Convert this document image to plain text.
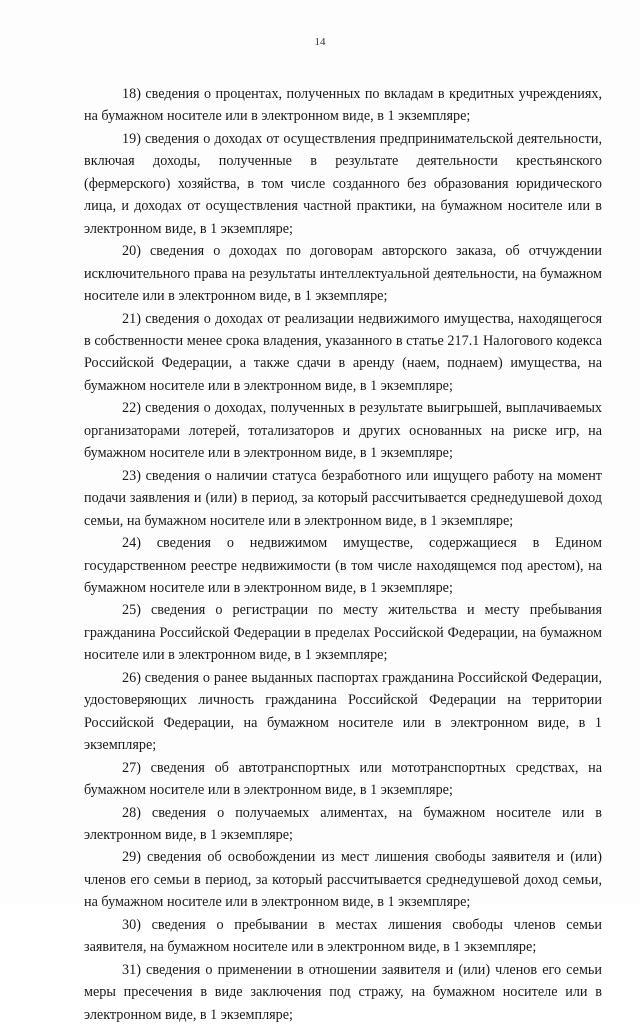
14

18) сведения о процентах, полученных по вкладам в кредитных учреждениях, на бумажном носителе или в электронном виде, в 1 экземпляре;

19) сведения о доходах от осуществления предпринимательской деятельности, включая доходы, полученные в результате деятельности крестьянского (фермерского) хозяйства, в том числе созданного без образования юридического лица, и доходах от осуществления частной практики, на бумажном носителе или в электронном виде, в 1 экземпляре;

20) сведения о доходах по договорам авторского заказа, об отчуждении исключительного права на результаты интеллектуальной деятельности, на бумажном носителе или в электронном виде, в 1 экземпляре;

21) сведения о доходах от реализации недвижимого имущества, находящегося в собственности менее срока владения, указанного в статье 217.1 Налогового кодекса Российской Федерации, а также сдачи в аренду (наем, поднаем) имущества, на бумажном носителе или в электронном виде, в 1 экземпляре;

22) сведения о доходах, полученных в результате выигрышей, выплачиваемых организаторами лотерей, тотализаторов и других основанных на риске игр, на бумажном носителе или в электронном виде, в 1 экземпляре;

23) сведения о наличии статуса безработного или ищущего работу на момент подачи заявления и (или) в период, за который рассчитывается среднедушевой доход семьи, на бумажном носителе или в электронном виде, в 1 экземпляре;

24) сведения о недвижимом имуществе, содержащиеся в Едином государственном реестре недвижимости (в том числе находящемся под арестом), на бумажном носителе или в электронном виде, в 1 экземпляре;

25) сведения о регистрации по месту жительства и месту пребывания гражданина Российской Федерации в пределах Российской Федерации, на бумажном носителе или в электронном виде, в 1 экземпляре;

26) сведения о ранее выданных паспортах гражданина Российской Федерации, удостоверяющих личность гражданина Российской Федерации на территории Российской Федерации, на бумажном носителе или в электронном виде, в 1 экземпляре;

27) сведения об автотранспортных или мототранспортных средствах, на бумажном носителе или в электронном виде, в 1 экземпляре;

28) сведения о получаемых алиментах, на бумажном носителе или в электронном виде, в 1 экземпляре;

29) сведения об освобождении из мест лишения свободы заявителя и (или) членов его семьи в период, за который рассчитывается среднедушевой доход семьи, на бумажном носителе или в электронном виде, в 1 экземпляре;

30) сведения о пребывании в местах лишения свободы членов семьи заявителя, на бумажном носителе или в электронном виде, в 1 экземпляре;

31) сведения о применении в отношении заявителя и (или) членов его семьи меры пресечения в виде заключения под стражу, на бумажном носителе или в электронном виде, в 1 экземпляре;
